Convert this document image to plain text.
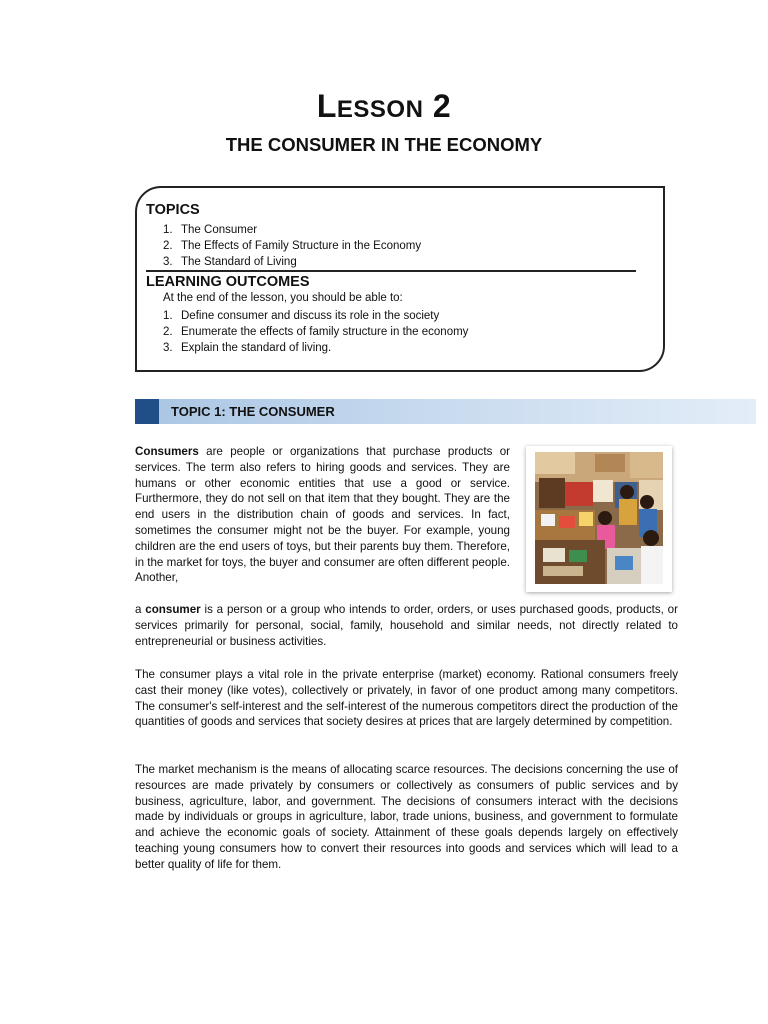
LESSON 2
THE CONSUMER IN THE ECONOMY
TOPICS
1. The Consumer
2. The Effects of Family Structure in the Economy
3. The Standard of Living
LEARNING OUTCOMES
At the end of the lesson, you should be able to:
1. Define consumer and discuss its role in the society
2. Enumerate the effects of family structure in the economy
3. Explain the standard of living.
TOPIC 1: THE CONSUMER
Consumers are people or organizations that purchase products or services. The term also refers to hiring goods and services. They are humans or other economic entities that use a good or service. Furthermore, they do not sell on that item that they bought. They are the end users in the distribution chain of goods and services. In fact, sometimes the consumer might not be the buyer. For example, young children are the end users of toys, but their parents buy them. Therefore, in the market for toys, the buyer and consumer are often different people. Another,
a consumer is a person or a group who intends to order, orders, or uses purchased goods, products, or services primarily for personal, social, family, household and similar needs, not directly related to entrepreneurial or business activities.
The consumer plays a vital role in the private enterprise (market) economy. Rational consumers freely cast their money (like votes), collectively or privately, in favor of one product among many competitors. The consumer's self-interest and the self-interest of the numerous competitors direct the production of the quantities of goods and services that society desires at prices that are largely determined by competition.
The market mechanism is the means of allocating scarce resources. The decisions concerning the use of resources are made privately by consumers or collectively as consumers of public services and by business, agriculture, labor, and government. The decisions of consumers interact with the decisions made by individuals or groups in agriculture, labor, trade unions, business, and government to formulate and achieve the economic goals of society. Attainment of these goals depends largely on effectively teaching young consumers how to convert their resources into goods and services which will lead to a better quality of life for them.
